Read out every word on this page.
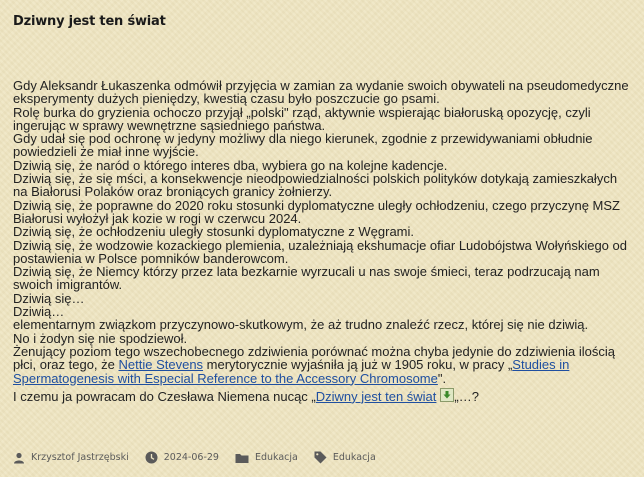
Dziwny jest ten świat

Gdy Aleksandr Łukaszenka odmówił przyjęcia w zamian za wydanie swoich obywateli na pseudomedyczne eksperymenty dużych pieniędzy, kwestią czasu było poszczucie go psami.

Rolę burka do gryzienia ochoczo przyjął „polski" rząd, aktywnie wspierając białoruską opozycję, czyli ingerując w sprawy wewnętrzne sąsiedniego państwa.

Gdy udał się pod ochronę w jedyny możliwy dla niego kierunek, zgodnie z przewidywaniami obłudnie powiedzieli że miał inne wyjście.

Dziwią się, że naród o którego interes dba, wybiera go na kolejne kadencje.

Dziwią się, że się mści, a konsekwencje nieodpowiedzialności polskich polityków dotykają zamieszkałych na Białorusi Polaków oraz broniących granicy żołnierzy.

Dziwią się, że poprawne do 2020 roku stosunki dyplomatyczne uległy ochłodzeniu, czego przyczynę MSZ Białorusi wyłożył jak kozie w rogi w czerwcu 2024.

Dziwią się, że ochłodzeniu uległy stosunki dyplomatyczne z Węgrami.

Dziwią się, że wodzowie kozackiego plemienia, uzależniają ekshumacje ofiar Ludobójstwa Wołyńskiego od postawienia w Polsce pomników banderowcom.

Dziwią się, że Niemcy którzy przez lata bezkarnie wyrzucali u nas swoje śmieci, teraz podrzucają nam swoich imigrantów.

Dziwią się…

Dziwią…

elementarnym związkom przyczynowo-skutkowym, że aż trudno znaleźć rzecz, której się nie dziwią.

No i żodyn się nie spodziewoł.

Żenujący poziom tego wszechobecnego zdziwienia porównać można chyba jedynie do zdziwienia ilością płci, oraz tego, że Nettie Stevens merytorycznie wyjaśniła ją już w 1905 roku, w pracy „Studies in Spermatogenesis with Especial Reference to the Accessory Chromosome".

I czemu ja powracam do Czesława Niemena nucąc „Dziwny jest ten świat „…?

Krzysztof Jastrzębski	2024-06-29	Edukacja	Edukacja
